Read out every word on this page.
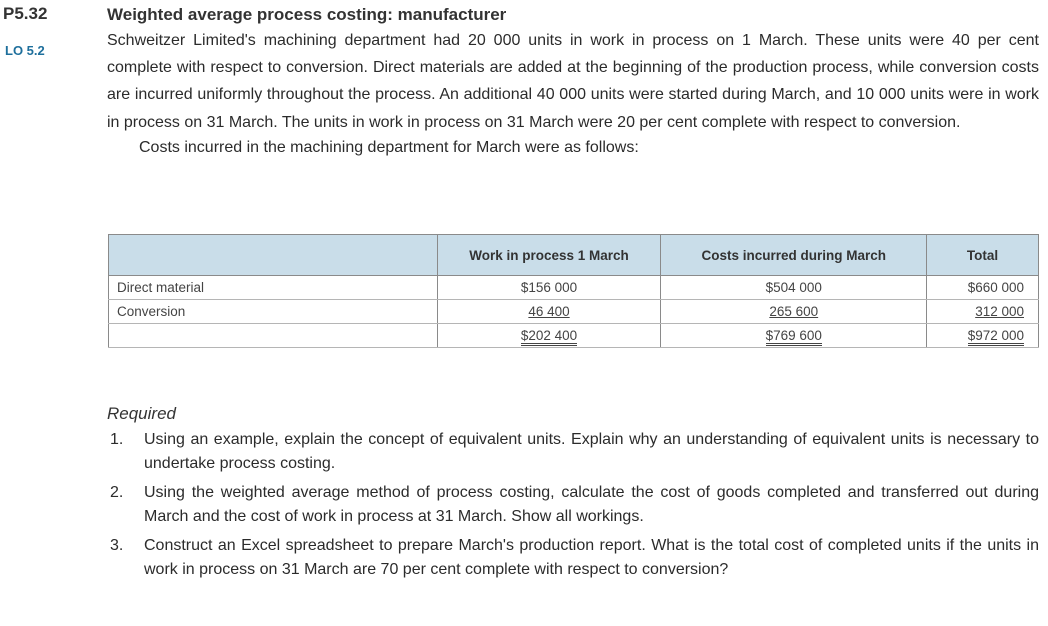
P5.32
LO 5.2
Weighted average process costing: manufacturer

Schweitzer Limited's machining department had 20 000 units in work in process on 1 March. These units were 40 per cent complete with respect to conversion. Direct materials are added at the beginning of the production process, while conversion costs are incurred uniformly throughout the process. An additional 40 000 units were started during March, and 10 000 units were in work in process on 31 March. The units in work in process on 31 March were 20 per cent complete with respect to conversion.

Costs incurred in the machining department for March were as follows:

	Work in process 1 March	Costs incurred during March	Total
Direct material	$156 000	$504 000	$660 000
Conversion	46 400	265 600	312 000
	$202 400	$769 600	$972 000
Required
1. Using an example, explain the concept of equivalent units. Explain why an understanding of equivalent units is necessary to undertake process costing.
2. Using the weighted average method of process costing, calculate the cost of goods completed and transferred out during March and the cost of work in process at 31 March. Show all workings.
3. Construct an Excel spreadsheet to prepare March's production report. What is the total cost of completed units if the units in work in process on 31 March are 70 per cent complete with respect to conversion?
